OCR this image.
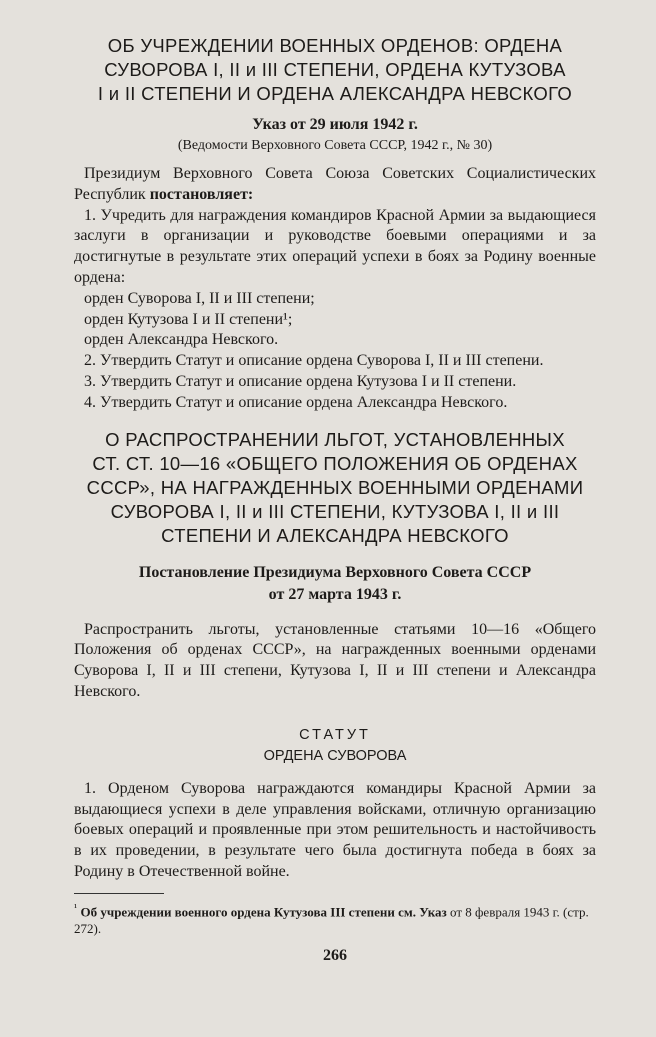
ОБ УЧРЕЖДЕНИИ ВОЕННЫХ ОРДЕНОВ: ОРДЕНА
СУВОРОВА I, II и III СТЕПЕНИ, ОРДЕНА КУТУЗОВА
I и II СТЕПЕНИ И ОРДЕНА АЛЕКСАНДРА НЕВСКОГО
Указ от 29 июля 1942 г.
(Ведомости Верховного Совета СССР, 1942 г., № 30)

Президиум Верховного Совета Союза Советских Социалистических Республик постановляет:

1. Учредить для награждения командиров Красной Армии за выдающиеся заслуги в организации и руководстве боевыми операциями и за достигнутые в результате этих операций успехи в боях за Родину военные ордена:

орден Суворова I, II и III степени;
орден Кутузова I и II степени¹;
орден Александра Невского.

2. Утвердить Статут и описание ордена Суворова I, II и III степени.

3. Утвердить Статут и описание ордена Кутузова I и II степени.

4. Утвердить Статут и описание ордена Александра Невского.

О РАСПРОСТРАНЕНИИ ЛЬГОТ, УСТАНОВЛЕННЫХ
СТ. СТ. 10—16 «ОБЩЕГО ПОЛОЖЕНИЯ ОБ ОРДЕНАХ
СССР», НА НАГРАЖДЕННЫХ ВОЕННЫМИ ОРДЕНАМИ
СУВОРОВА I, II и III СТЕПЕНИ, КУТУЗОВА I, II и III
СТЕПЕНИ И АЛЕКСАНДРА НЕВСКОГО
Постановление Президиума Верховного Совета СССР
от 27 марта 1943 г.

Распространить льготы, установленные статьями 10—16 «Общего Положения об орденах СССР», на награжденных военными орденами Суворова I, II и III степени, Кутузова I, II и III степени и Александра Невского.

СТАТУТ
ОРДЕНА СУВОРОВА

1. Орденом Суворова награждаются командиры Красной Армии за выдающиеся успехи в деле управления войсками, отличную организацию боевых операций и проявленные при этом решительность и настойчивость в их проведении, в результате чего была достигнута победа в боях за Родину в Отечественной войне.

$^{^1}$ Об учреждении военного ордена Кутузова III степени см. Указ от 8 февраля 1943 г. (стр. 272).
266
